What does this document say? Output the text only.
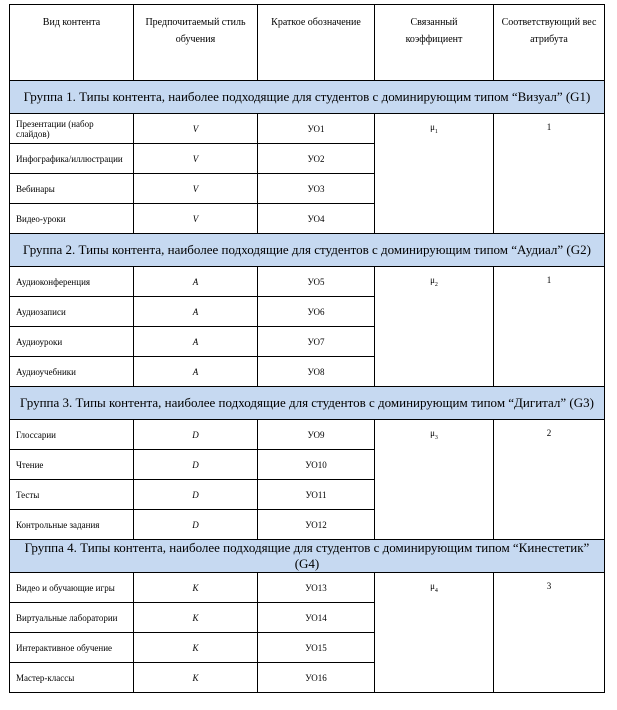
Вид контента	Предпочитаемый стиль обучения	Краткое обозначение	Связанный коэффициент	Соответствующий вес атрибута
Группа 1. Типы контента, наиболее подходящие для студентов с доминирующим типом “Визуал” (G1)				
Презентации (набор слайдов)	V	УО1	$\mu_1$	1
Инфографика/иллюстрации	V	УО2		
Вебинары	V	УО3		
Видео-уроки	V	УО4		
Группа 2. Типы контента, наиболее подходящие для студентов с доминирующим типом “Аудиал” (G2)				
Аудиоконференция	A	УО5	$\mu_2$	1
Аудиозаписи	A	УО6		
Аудиоуроки	A	УО7		
Аудиоучебники	A	УО8		
Группа 3. Типы контента, наиболее подходящие для студентов с доминирующим типом “Дигитал” (G3)				
Глоссарии	D	УО9	$\mu_3$	2
Чтение	D	УО10		
Тесты	D	УО11		
Контрольные задания	D	УО12		
Группа 4. Типы контента, наиболее подходящие для студентов с доминирующим типом “Кинестетик” (G4)				
Видео и обучающие игры	K	УО13	$\mu_4$	3
Виртуальные лаборатории	K	УО14		
Интерактивное обучение	K	УО15		
Мастер-классы	K	УО16		
